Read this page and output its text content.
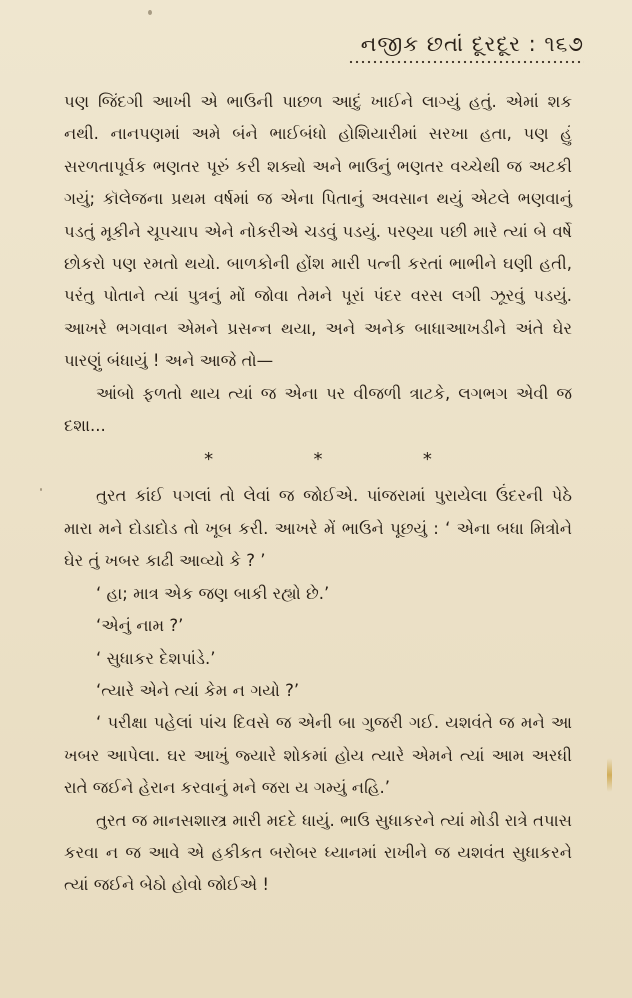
નજીક છતાં દૂરદૂર : ૧૬૭

પણ જિંદગી આખી એ ભાઉની પાછળ આદું ખાઈને લાગ્યું હતું. એમાં શક નથી. નાનપણમાં અમે બંને ભાઈબંધો હોશિયારીમાં સરખા હતા, પણ હું સરળતાપૂર્વક ભણતર પૂરું કરી શક્યો અને ભાઉનું ભણતર વચ્ચેથી જ અટકી ગયું; કૉલેજના પ્રથમ વર્ષમાં જ એના પિતાનું અવસાન થયું એટલે ભણવાનું પડતું મૂકીને ચૂપચાપ એને નોકરીએ ચડવું પડયું. પરણ્યા પછી મારે ત્યાં બે વર્ષે છોકરો પણ રમતો થયો. બાળકોની હોંશ મારી પત્ની કરતાં ભાભીને ઘણી હતી, પરંતુ પોતાને ત્યાં પુત્રનું મોં જોવા તેમને પૂરાં પંદર વરસ લગી ઝૂરવું પડયું. આખરે ભગવાન એમને પ્રસન્ન થયા, અને અનેક બાધાઆખડીને અંતે ઘેર પારણું બંધાયું ! અને આજે તો—

આંબો ફળતો થાય ત્યાં જ એના પર વીજળી ત્રાટકે, લગભગ એવી જ દશા...

*	*	*

તુરત કાંઈ પગલાં તો લેવાં જ જોઈએ. પાંજરામાં પુરાયેલા ઉંદરની પેઠે મારા મને દોડાદોડ તો ખૂબ કરી. આખરે મેં ભાઉને પૂછયું : ‘ એના બધા મિત્રોને ઘેર તું ખબર કાઢી આવ્યો કે ? ’

‘ હા; માત્ર એક જણ બાકી રહ્યો છે.’

‘એનું નામ ?’

‘ સુધાકર દેશપાંડે.’

‘ત્યારે એને ત્યાં કેમ ન ગયો ?’

‘ પરીક્ષા પહેલાં પાંચ દિવસે જ એની બા ગુજરી ગઈ. યશવંતે જ મને આ ખબર આપેલા. ઘર આખું જ્યારે શોકમાં હોય ત્યારે એમને ત્યાં આમ અરધી રાતે જઈને હેરાન કરવાનું મને જરા ય ગમ્યું નહિ.’

તુરત જ માનસશાસ્ત્ર મારી મદદે ધાયું. ભાઉ સુધાકરને ત્યાં મોડી રાત્રે તપાસ કરવા ન જ આવે એ હકીકત બરોબર ધ્યાનમાં રાખીને જ યશવંત સુધાકરને ત્યાં જઈને બેઠો હોવો જોઈએ !
